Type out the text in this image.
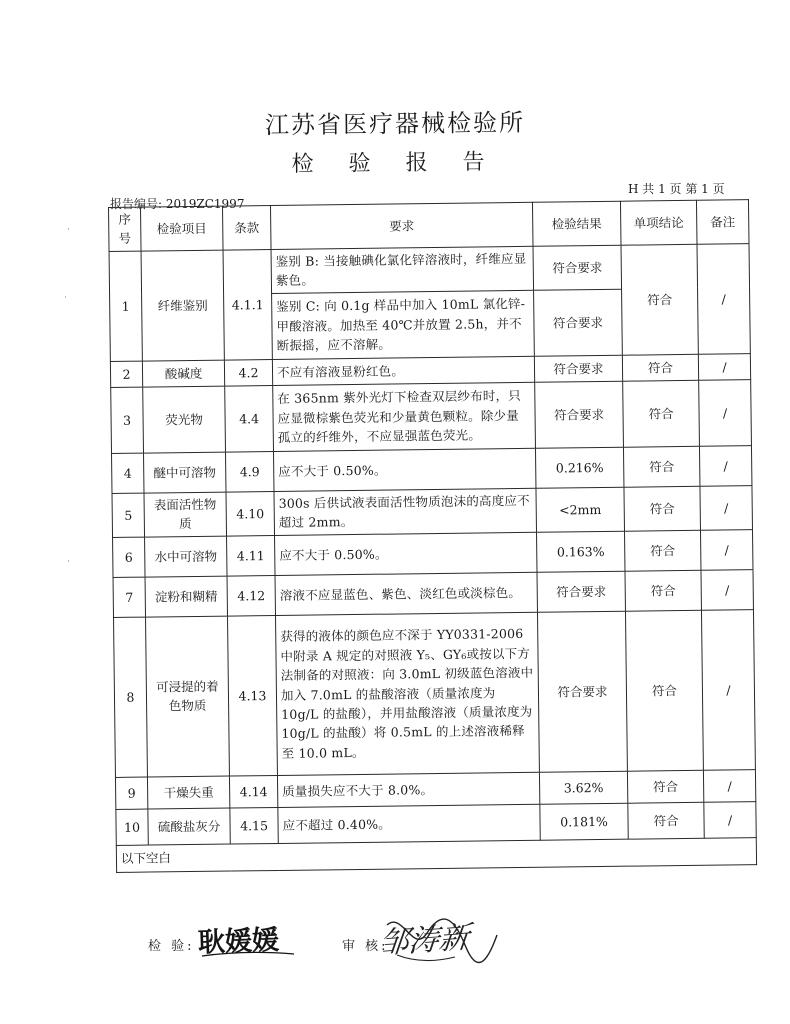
˙
˙
˙
江苏省医疗器械检验所
检 验 报 告
报告编号: 2019ZC1997
H 共 1 页 第 1 页
序号	检验项目	条款	要求	检验结果	单项结论	备注
1	纤维鉴别	4.1.1	鉴别 B: 当接触碘化氯化锌溶液时，纤维应显紫色。	符合要求	符合	/
			鉴别 C: 向 0.1g 样品中加入 10mL 氯化锌-甲酸溶液。加热至 40℃并放置 2.5h，并不断振摇，应不溶解。	符合要求		
2	酸碱度	4.2	不应有溶液显粉红色。	符合要求	符合	/
3	荧光物	4.4	在 365nm 紫外光灯下检查双层纱布时，只应显微棕紫色荧光和少量黄色颗粒。除少量孤立的纤维外，不应显强蓝色荧光。	符合要求	符合	/
4	醚中可溶物	4.9	应不大于 0.50%。	0.216%	符合	/
5	表面活性物质	4.10	300s 后供试液表面活性物质泡沫的高度应不超过 2mm。	<2mm	符合	/
6	水中可溶物	4.11	应不大于 0.50%。	0.163%	符合	/
7	淀粉和糊精	4.12	溶液不应显蓝色、紫色、淡红色或淡棕色。	符合要求	符合	/
8	可浸提的着色物质	4.13	获得的液体的颜色应不深于 YY0331-2006 中附录 A 规定的对照液 Y₅、GY₆或按以下方法制备的对照液：向 3.0mL 初级蓝色溶液中加入 7.0mL 的盐酸溶液（质量浓度为 10g/L 的盐酸），并用盐酸溶液（质量浓度为 10g/L 的盐酸）将 0.5mL 的上述溶液稀释至 10.0 mL。	符合要求	符合	/
9	干燥失重	4.14	质量损失应不大于 8.0%。	3.62%	符合	/
10	硫酸盐灰分	4.15	应不超过 0.40%。	0.181%	符合	/
以下空白						
检 验: 耿媛媛	审 核:
邹涛新
